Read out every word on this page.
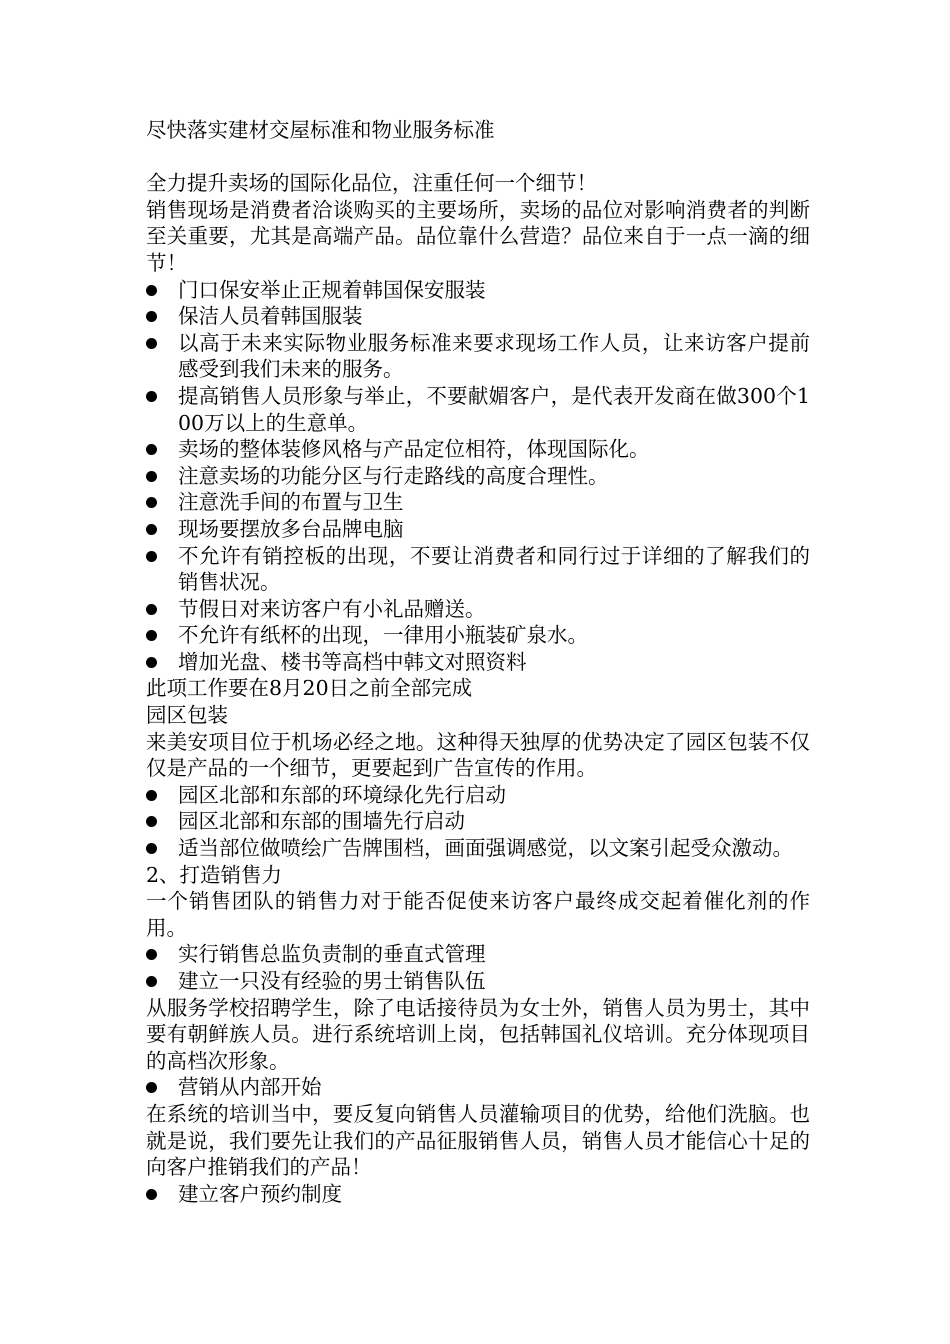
尽快落实建材交屋标准和物业服务标准
全力提升卖场的国际化品位，注重任何一个细节！

销售现场是消费者洽谈购买的主要场所，卖场的品位对影响消费者的判断至关重要，尤其是高端产品。品位靠什么营造？品位来自于一点一滴的细节！

门口保安举止正规着韩国保安服装
保洁人员着韩国服装
以高于未来实际物业服务标准来要求现场工作人员，让来访客户提前感受到我们未来的服务。
提高销售人员形象与举止，不要献媚客户，是代表开发商在做300个100万以上的生意单。
卖场的整体装修风格与产品定位相符，体现国际化。
注意卖场的功能分区与行走路线的高度合理性。
注意洗手间的布置与卫生
现场要摆放多台品牌电脑
不允许有销控板的出现，不要让消费者和同行过于详细的了解我们的销售状况。
节假日对来访客户有小礼品赠送。
不允许有纸杯的出现，一律用小瓶装矿泉水。
增加光盘、楼书等高档中韩文对照资料
此项工作要在8月20日之前全部完成
园区包装

来美安项目位于机场必经之地。这种得天独厚的优势决定了园区包装不仅仅是产品的一个细节，更要起到广告宣传的作用。

园区北部和东部的环境绿化先行启动
园区北部和东部的围墙先行启动
适当部位做喷绘广告牌围档，画面强调感觉，以文案引起受众激动。
2、打造销售力

一个销售团队的销售力对于能否促使来访客户最终成交起着催化剂的作用。

实行销售总监负责制的垂直式管理
建立一只没有经验的男士销售队伍

从服务学校招聘学生，除了电话接待员为女士外，销售人员为男士，其中要有朝鲜族人员。进行系统培训上岗，包括韩国礼仪培训。充分体现项目的高档次形象。

营销从内部开始

在系统的培训当中，要反复向销售人员灌输项目的优势，给他们洗脑。也就是说，我们要先让我们的产品征服销售人员，销售人员才能信心十足的向客户推销我们的产品！

建立客户预约制度
